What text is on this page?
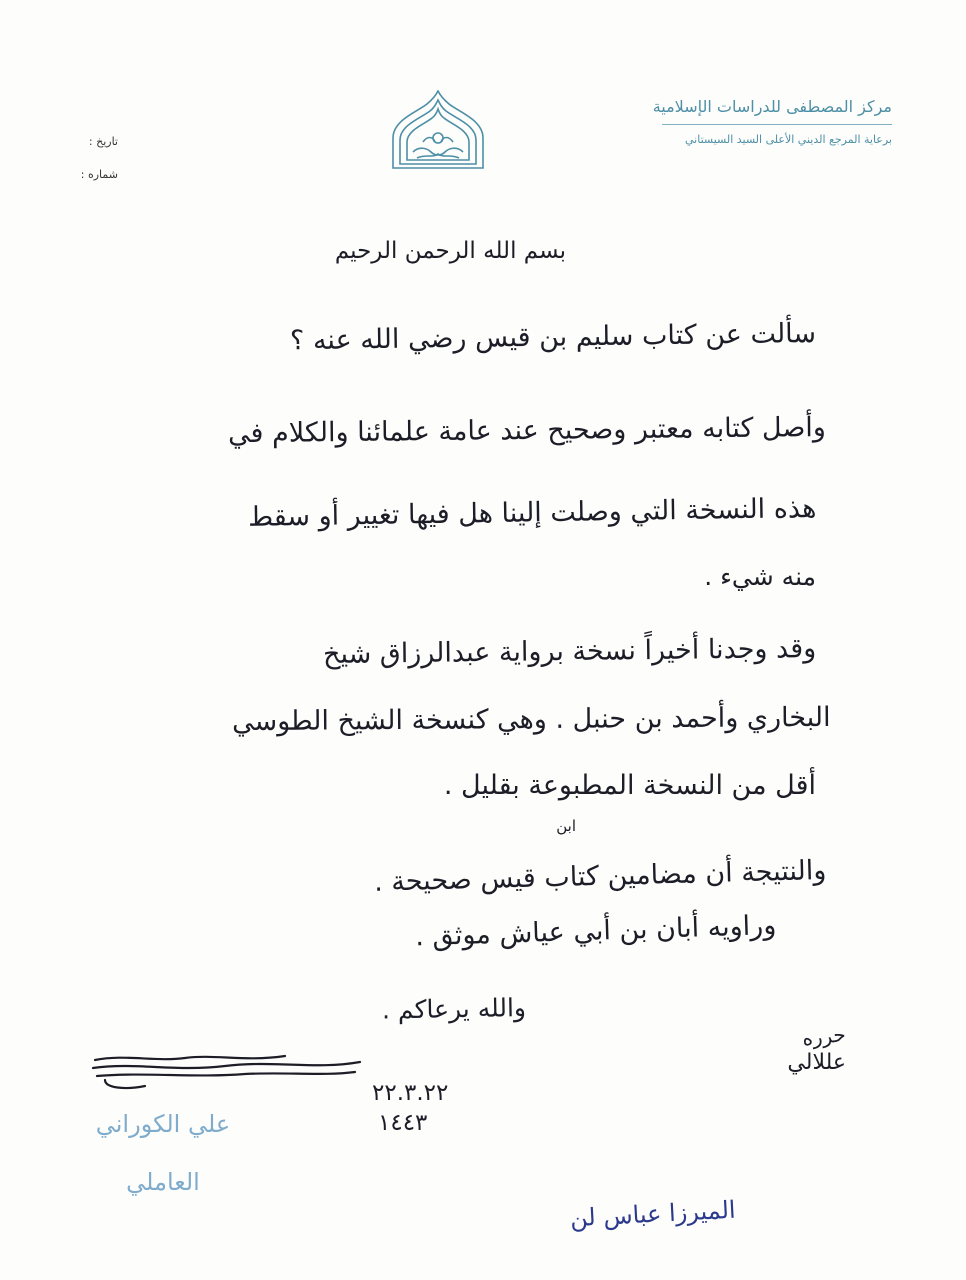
مركز المصطفى للدراسات الإسلامية
برعاية المرجع الديني الأعلى السيد السيستاني
تاريخ :
شماره :
بسم الله الرحمن الرحيم
سألت عن كتاب سليم بن قيس رضي الله عنه ؟
وأصل كتابه معتبر وصحيح عند عامة علمائنا والكلام في
هذه النسخة التي وصلت إلينا هل فيها تغيير أو سقط
منه شيء .
وقد وجدنا أخيراً نسخة برواية عبدالرزاق شيخ
البخاري وأحمد بن حنبل . وهي كنسخة الشيخ الطوسي
أقل من النسخة المطبوعة بقليل .
ابن
والنتيجة أن مضامين كتاب قيس صحيحة .
وراويه أبان بن أبي عياش موثق .
والله يرعاكم .
حرره
عللالي
٢٢.٣.٢٢
١٤٤٣
علي الكوراني العاملي
الميرزا عباس لن
